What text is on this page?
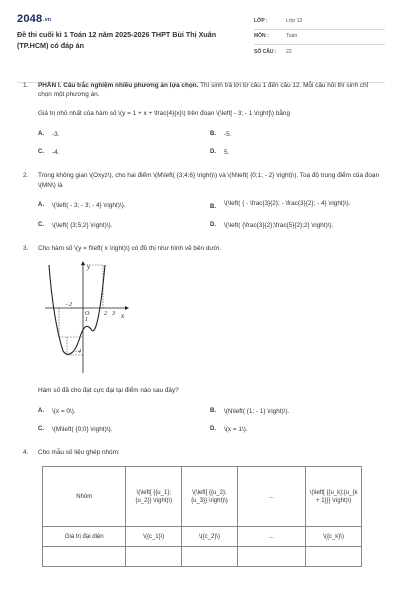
2048.vn
Đề thi cuối kì 1 Toán 12 năm 2025-2026 THPT Bùi Thị Xuân (TP.HCM) có đáp án
LỚP :	Lớp 12
MÔN :	Toán
SỐ CÂU :	22
1.	PHẦN I. Câu trắc nghiệm nhiều phương án lựa chọn. Thí sinh trả lời từ câu 1 đến câu 12. Mỗi câu hỏi thí sinh chỉ chọn một phương án.
Giá trị nhỏ nhất của hàm số \(y = 1 + x + \frac{4}{x}\) trên đoạn \(\left[ - 3; - 1 \right]\) bằng
A.	-3.	B.	-5.
C.	-4.	D.	5.
2.	Trong không gian \(Oxyz\), cho hai điểm \(M\left( {3;4;6} \right)\) và \(N\left( {0;1; - 2} \right)\). Toạ độ trung điểm của đoạn \(MN\) là
A.	\(\left( - 3; - 3; - 4} \right)\).	B.	\(\left( { - \frac{3}{2}; - \frac{3}{2}; - 4} \right)\).
C.	\(\left( {3;5;2} \right)\).	D.	\(\left( {\frac{3}{2};\frac{5}{2};2} \right)\).
3.	Cho hàm số \(y = f\left( x \right)\) có đồ thị như hình vẽ bên dưới.
y
x
O
−2
1
2 3
−4
Hàm số đã cho đạt cực đại tại điểm nào sau đây?
A.	\(x = 0\).	B.	\(N\left( {1; - 1} \right)\).
C.	\(M\left( {0;0} \right)\).	D.	\(x = 1\).
4.	Cho mẫu số liệu ghép nhóm:
Nhóm	\(\left[ {{u_1}; {u_2}} \right)\)	\(\left[ {{u_2}; {u_3}} \right)\)	...	\(\left[ {{u_k};{u_{k + 1}}} \right)\)
Giá trị đại diện	\({c_1}\)	\({c_2}\)	...	\({c_k}\)
